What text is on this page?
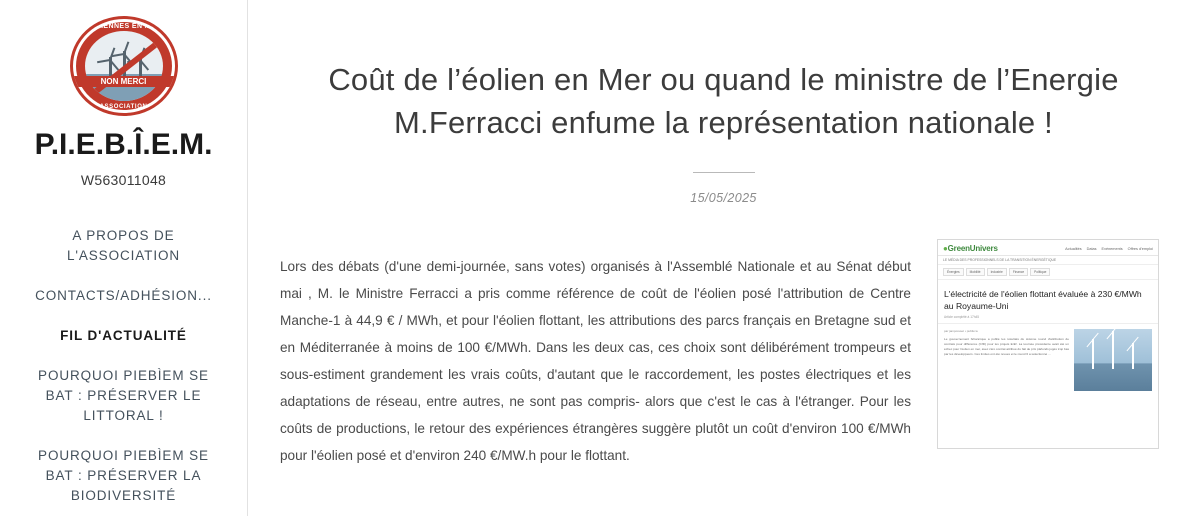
ÉOLIENNES EN MER
NON MERCI
ASSOCIATION
P.I.E.B.Î.E.M.
W563011048
A PROPOS DE L'ASSOCIATION
CONTACTS/ADHÉSION...
FIL D'ACTUALITÉ
POURQUOI PIEBÌEM SE BAT : PRÉSERVER LE LITTORAL !
POURQUOI PIEBÌEM SE BAT : PRÉSERVER LA BIODIVERSITÉ
Coût de l’éolien en Mer ou quand le ministre de l’Energie M.Ferracci enfume la représentation nationale !
15/05/2025

Lors des débats (d'une demi-journée, sans votes) organisés à l'Assemblé Nationale et au Sénat début mai , M. le Ministre Ferracci a pris comme référence de coût de l'éolien posé l'attribution de Centre Manche-1 à 44,9 € / MWh, et pour l'éolien flottant, les attributions des parcs français en Bretagne sud et en Méditerranée à moins de 100 €/MWh. Dans les deux cas, ces choix sont délibérément trompeurs et sous-estiment grandement les vrais coûts, d'autant que le raccordement, les postes électriques et les adaptations de réseau, entre autres, ne sont pas compris- alors que c'est le cas à l'étranger. Pour les coûts de productions, le retour des expériences étrangères suggère plutôt un coût d'environ 100 €/MWh pour l'éolien posé et d'environ 240 €/MW.h pour le flottant.

●GreenUnivers	Actualités Datas Evénements Offres d'emploi
LE MÉDIA DES PROFESSIONNELS DE LA TRANSITION ÉNERGÉTIQUE
Énergies	Mobilité	Industrie	Finance	Politique
L'électricité de l'éolien flottant évaluée à 230 €/MWh au Royaume-Uni
Article complété à 17h45
par jamporeset • publié le
Le gouvernement britannique a publié les résultats du sixième round d'attribution de contrats pour différence (CfD) pour les projets EnR. La tournée précédente avait été un échec pour l'éolien en mer, avec zéro contrat attribué du fait de prix plafonds jugés trop bas par les développeurs. Ces limites ont été revues et le round 6 a sélectionné ...
